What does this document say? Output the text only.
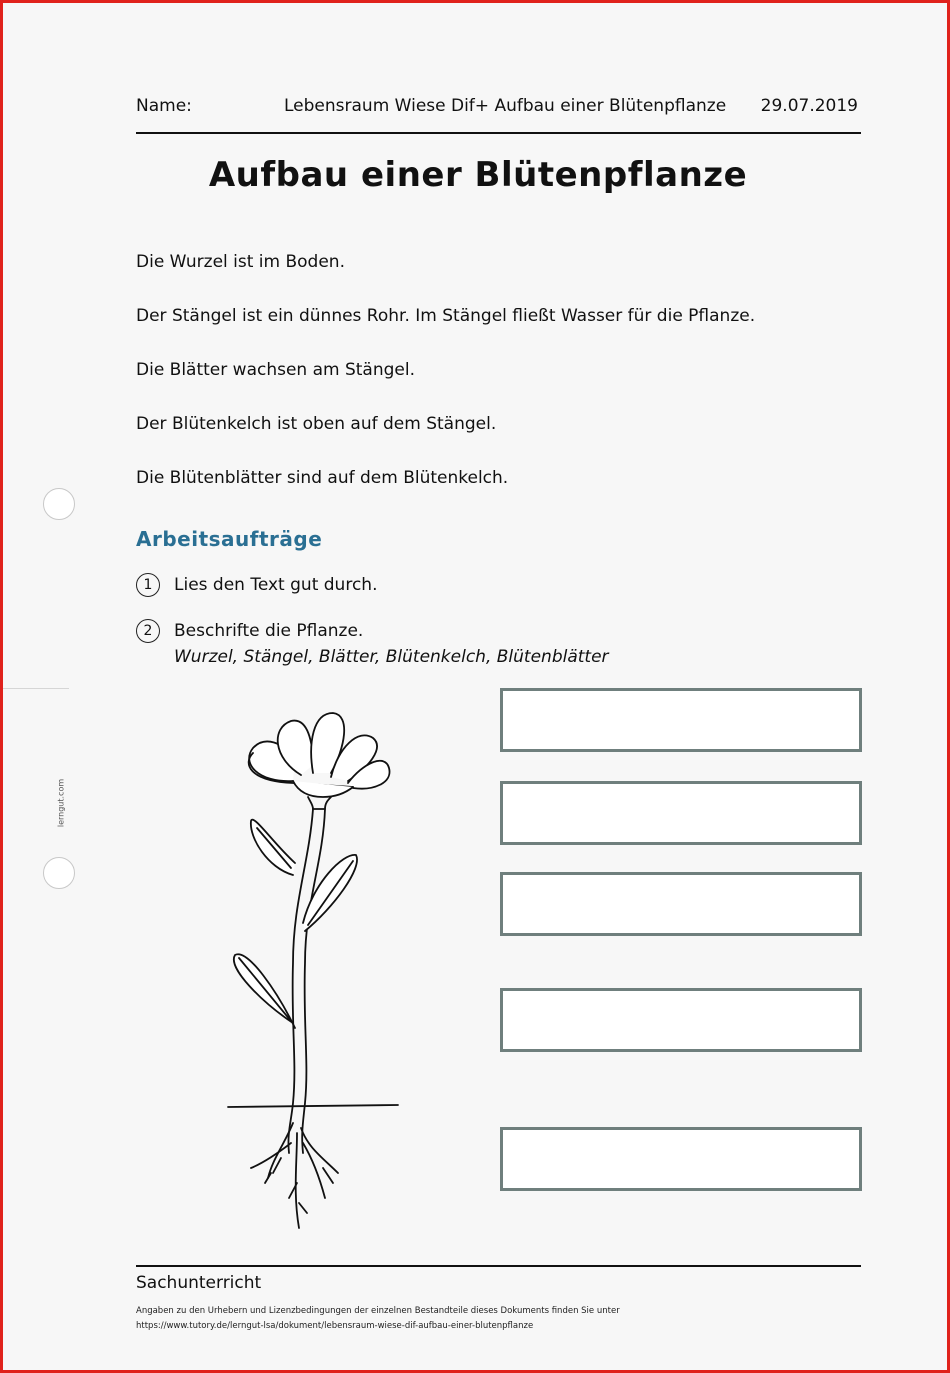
Name:	Lebensraum Wiese Dif+ Aufbau einer Blütenpflanze 29.07.2019
Aufbau einer Blütenpflanze
Die Wurzel ist im Boden.
Der Stängel ist ein dünnes Rohr. Im Stängel fließt Wasser für die Pflanze.
Die Blätter wachsen am Stängel.
Der Blütenkelch ist oben auf dem Stängel.
Die Blütenblätter sind auf dem Blütenkelch.
Arbeitsaufträge
1	Lies den Text gut durch.
2	Beschrifte die Pflanze.
Wurzel, Stängel, Blätter, Blütenkelch, Blütenblätter
lerngut.com
Sachunterricht
Angaben zu den Urhebern und Lizenzbedingungen der einzelnen Bestandteile dieses Dokuments finden Sie unter
https://www.tutory.de/lerngut-lsa/dokument/lebensraum-wiese-dif-aufbau-einer-blutenpflanze
